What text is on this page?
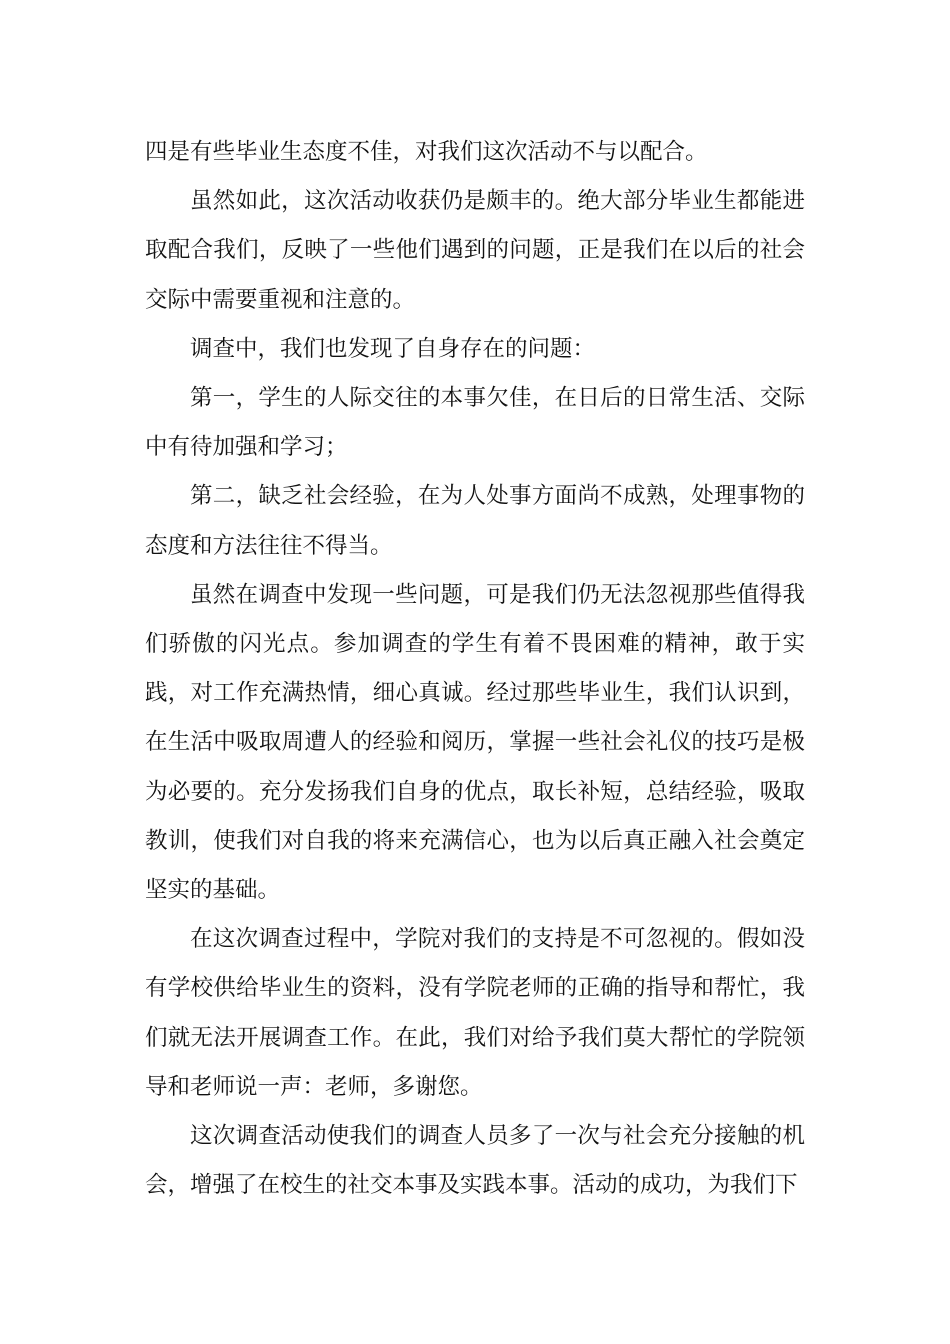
四是有些毕业生态度不佳，对我们这次活动不与以配合。

虽然如此，这次活动收获仍是颇丰的。绝大部分毕业生都能进取配合我们，反映了一些他们遇到的问题，正是我们在以后的社会交际中需要重视和注意的。

调查中，我们也发现了自身存在的问题：

第一，学生的人际交往的本事欠佳，在日后的日常生活、交际中有待加强和学习；

第二，缺乏社会经验，在为人处事方面尚不成熟，处理事物的态度和方法往往不得当。

虽然在调查中发现一些问题，可是我们仍无法忽视那些值得我们骄傲的闪光点。参加调查的学生有着不畏困难的精神，敢于实践，对工作充满热情，细心真诚。经过那些毕业生，我们认识到，在生活中吸取周遭人的经验和阅历，掌握一些社会礼仪的技巧是极为必要的。充分发扬我们自身的优点，取长补短，总结经验，吸取教训，使我们对自我的将来充满信心，也为以后真正融入社会奠定坚实的基础。

在这次调查过程中，学院对我们的支持是不可忽视的。假如没有学校供给毕业生的资料，没有学院老师的正确的指导和帮忙，我们就无法开展调查工作。在此，我们对给予我们莫大帮忙的学院领导和老师说一声：老师，多谢您。

这次调查活动使我们的调查人员多了一次与社会充分接触的机会，增强了在校生的社交本事及实践本事。活动的成功，为我们下
